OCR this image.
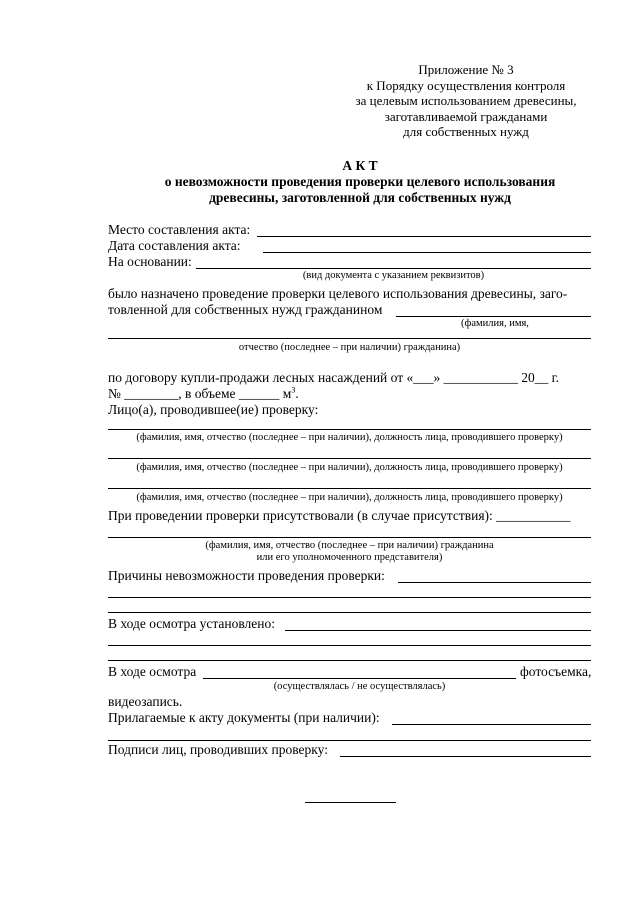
Приложение № 3
к Порядку осуществления контроля
за целевым использованием древесины,
заготавливаемой гражданами
для собственных нужд
А К Т
о невозможности проведения проверки целевого использования
древесины, заготовленной для собственных нужд
Место составления акта:
Дата составления акта:
На основании:
(вид документа с указанием реквизитов)
было назначено проведение проверки целевого использования древесины, заго-
товленной для собственных нужд гражданином
(фамилия, имя,
отчество (последнее – при наличии) гражданина)
по договору купли-продажи лесных насаждений от «___» ___________ 20__ г.
№ ________, в объеме ______ $м^3$.
Лицо(а), проводившее(ие) проверку:
(фамилия, имя, отчество (последнее – при наличии), должность лица, проводившего проверку)
(фамилия, имя, отчество (последнее – при наличии), должность лица, проводившего проверку)
(фамилия, имя, отчество (последнее – при наличии), должность лица, проводившего проверку)
При проведении проверки присутствовали (в случае присутствия): ___________
(фамилия, имя, отчество (последнее – при наличии) гражданина
или его уполномоченного представителя)
Причины невозможности проведения проверки:
В ходе осмотра установлено:
В ходе осмотра	фотосъемка,
(осуществлялась / не осуществлялась)
видеозапись.
Прилагаемые к акту документы (при наличии):
Подписи лиц, проводивших проверку:
